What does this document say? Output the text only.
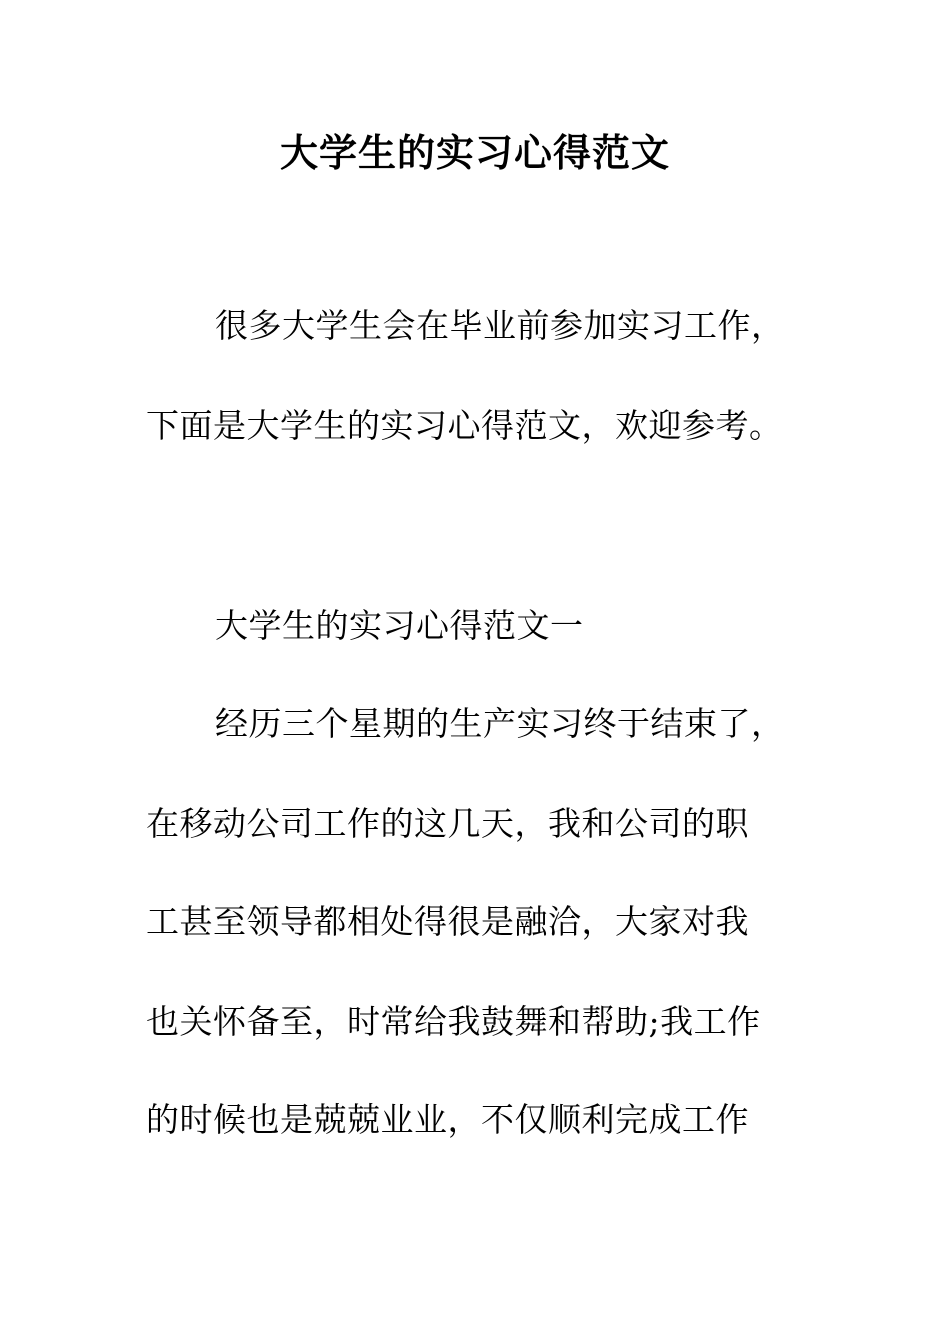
大学生的实习心得范文
很多大学生会在毕业前参加实习工作，
下面是大学生的实习心得范文，欢迎参考。
大学生的实习心得范文一
经历三个星期的生产实习终于结束了，
在移动公司工作的这几天，我和公司的职
工甚至领导都相处得很是融洽，大家对我
也关怀备至，时常给我鼓舞和帮助;我工作
的时候也是兢兢业业，不仅顺利完成工作
